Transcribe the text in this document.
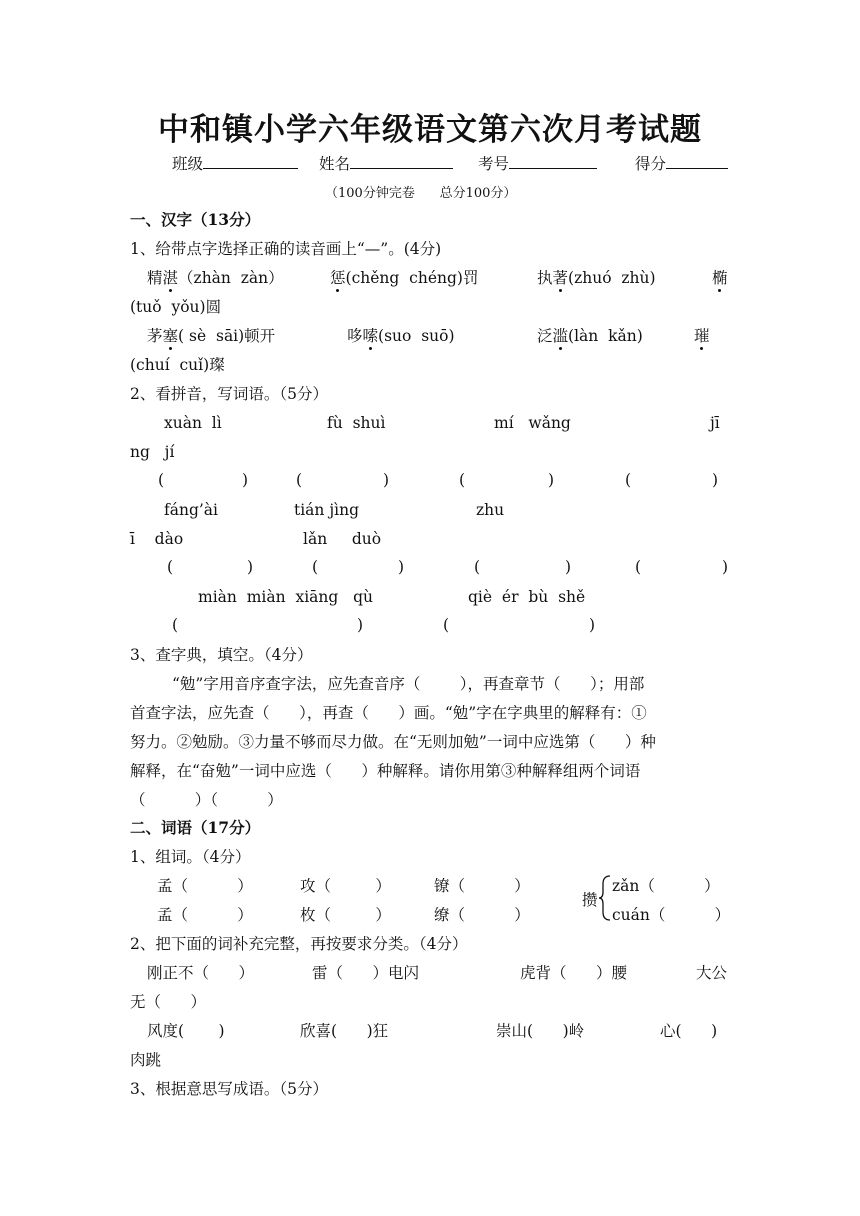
中和镇小学六年级语文第六次月考试题
班级	姓名	考号	得分
（100分钟完卷      总分100分）
一、汉字（13分）
1、给带点字选择正确的读音画上“—”。(4分)
精湛（zhàn  zàn）	惩(chěng  chéng)罚	执著(zhuó  zhù)	椭
(tuǒ  yǒu)圆
茅塞( sè  sāi)顿开	哆嗦(suo  suō)	泛滥(làn  kǎn)	璀
(chuí  cuǐ)璨
2、看拼音，写词语。（5分）
xuàn  lì	fù  shuì	mí   wǎng	jī
ng   jí
(	)	(	)	(	)	(	)
fáng’ài	tián jìng	zhu
ī    dào	lǎn     duò
(	)	(	)	(	)	(	)
miàn  miàn  xiāng   qù	qiè  ér  bù  shě
(	)	(	)
3、查字典，填空。（4分）
“勉”字用音序查字法，应先查音序（        ），再查章节（      ）；用部
首查字法，应先查（      ），再查（      ）画。“勉”字在字典里的解释有：①
努力。②勉励。③力量不够而尽力做。在“无则加勉”一词中应选第（      ）种
解释，在“奋勉”一词中应选（      ）种解释。请你用第③种解释组两个词语
（          ）（          ）
二、词语（17分）
1、组词。（4分）
孟（          ）	攻（         ）	镣（          ）
孟（          ）	枚（         ）	缭（          ）
攒
zǎn（          ）
cuán（          ）
2、把下面的词补充完整，再按要求分类。（4分）
刚正不（      ）	雷（      ）电闪	虎背（      ）腰	大公
无（      ）
风度(       )	欣喜(      )狂	崇山(      )岭	心(      )
肉跳
3、根据意思写成语。（5分）
